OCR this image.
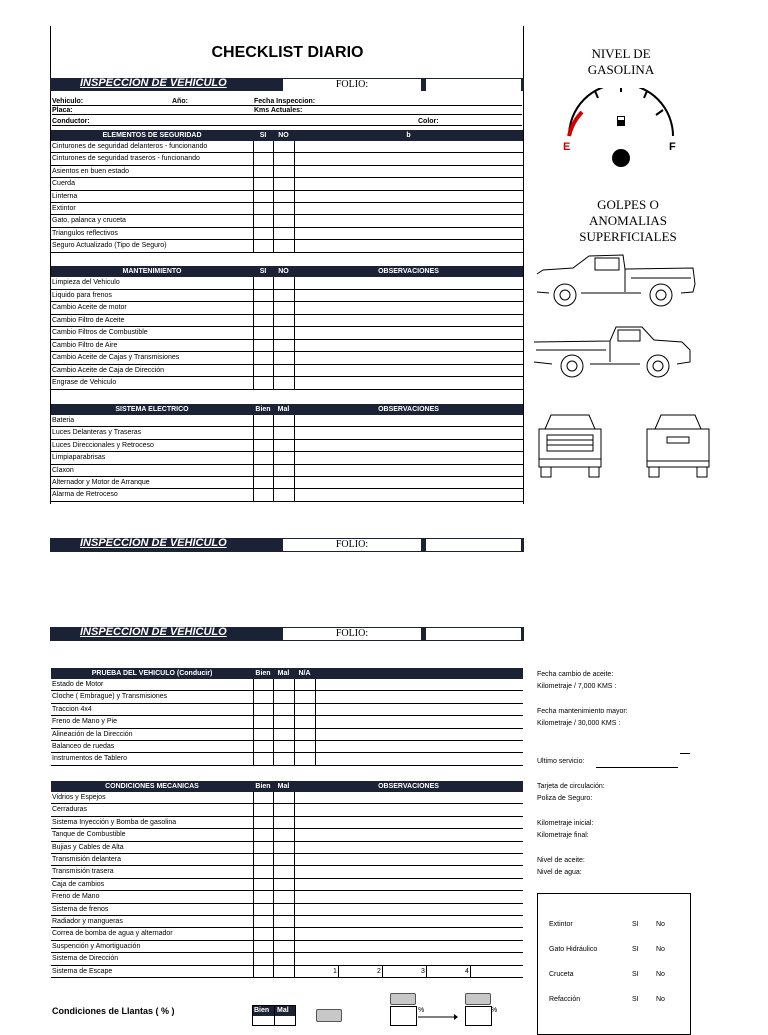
CHECKLIST DIARIO
INSPECCION DE VEHICULO	FOLIO:
Vehiculo:	Año:	Fecha Inspeccion:
Placa:	Kms Actuales:
Conductor:	Color:
ELEMENTOS DE SEGURIDAD	SI	NO	b
Cinturones de seguridad delanteros - funcionando
Cinturones de seguridad traseros - funcionando
Asientos en buen estado
Cuerda
Linterna
Extintor
Gato, palanca y cruceta
Triangulos reflectivos
Seguro Actualizado (Tipo de Seguro)
MANTENIMIENTO	SI	NO	OBSERVACIONES
Limpieza del Vehiculo
Liquido para frenos
Cambio Aceite de motor
Cambio Filtro de Aceite
Cambio Filtros de Combustible
Cambio Filtro de Aire
Cambio Aceite de Cajas y Transmisiones
Cambio Aceite de Caja de Dirección
Engrase de Vehiculo
SISTEMA ELECTRICO	Bien	Mal	OBSERVACIONES
Bateria
Luces Delanteras y Traseras
Luces Direccionales y Retroceso
Limpiaparabrisas
Claxon
Alternador y Motor de Arranque
Alarma de Retroceso
PRUEBA DEL VEHICULO (Conducir)	Bien	Mal	N/A
Estado de Motor
Cloche ( Embrague) y Transmisiones
Traccion 4x4
Freno de Mano y Pie
Alineación de la Dirección
Balanceo de ruedas
Instrumentos de Tablero
CONDICIONES MECANICAS	Bien	Mal	OBSERVACIONES
Vidrios y Espejos
Cerraduras
Sistema Inyección y Bomba de gasolina
Tanque de Combustible
Bujias y Cables de Alta
Transmisión delantera
Transmisión trasera
Caja de cambios
Freno de Mano
Sistema de frenos
Radiador y mangueras
Correa de bomba de agua y alternador
Suspención y Amortiguación
Sistema de Dirección
Sistema de Escape	1	2	3	4
INSPECCION DE VEHICULO	FOLIO:
INSPECCION DE VEHICULO	FOLIO:
Condiciones de Llantas ( % )	Bien Mal	%	%
NIVEL DE GASOLINA
E	F
GOLPES O ANOMALIAS SUPERFICIALES
Fecha cambio de aceite:
Kilometraje / 7,000 KMS :
Fecha mantenimiento mayor:
Kilometraje / 30,000 KMS :
Ultimo servicio:
Tarjeta de circulación:
Poliza de Seguro:
Kilometraje inicial:
Kilometraje final:
Nivel de aceite:
Nivel de agua:
Extintor	SI No
Gato Hidráulico	SI No
Cruceta	SI No
Refacción	SI No
